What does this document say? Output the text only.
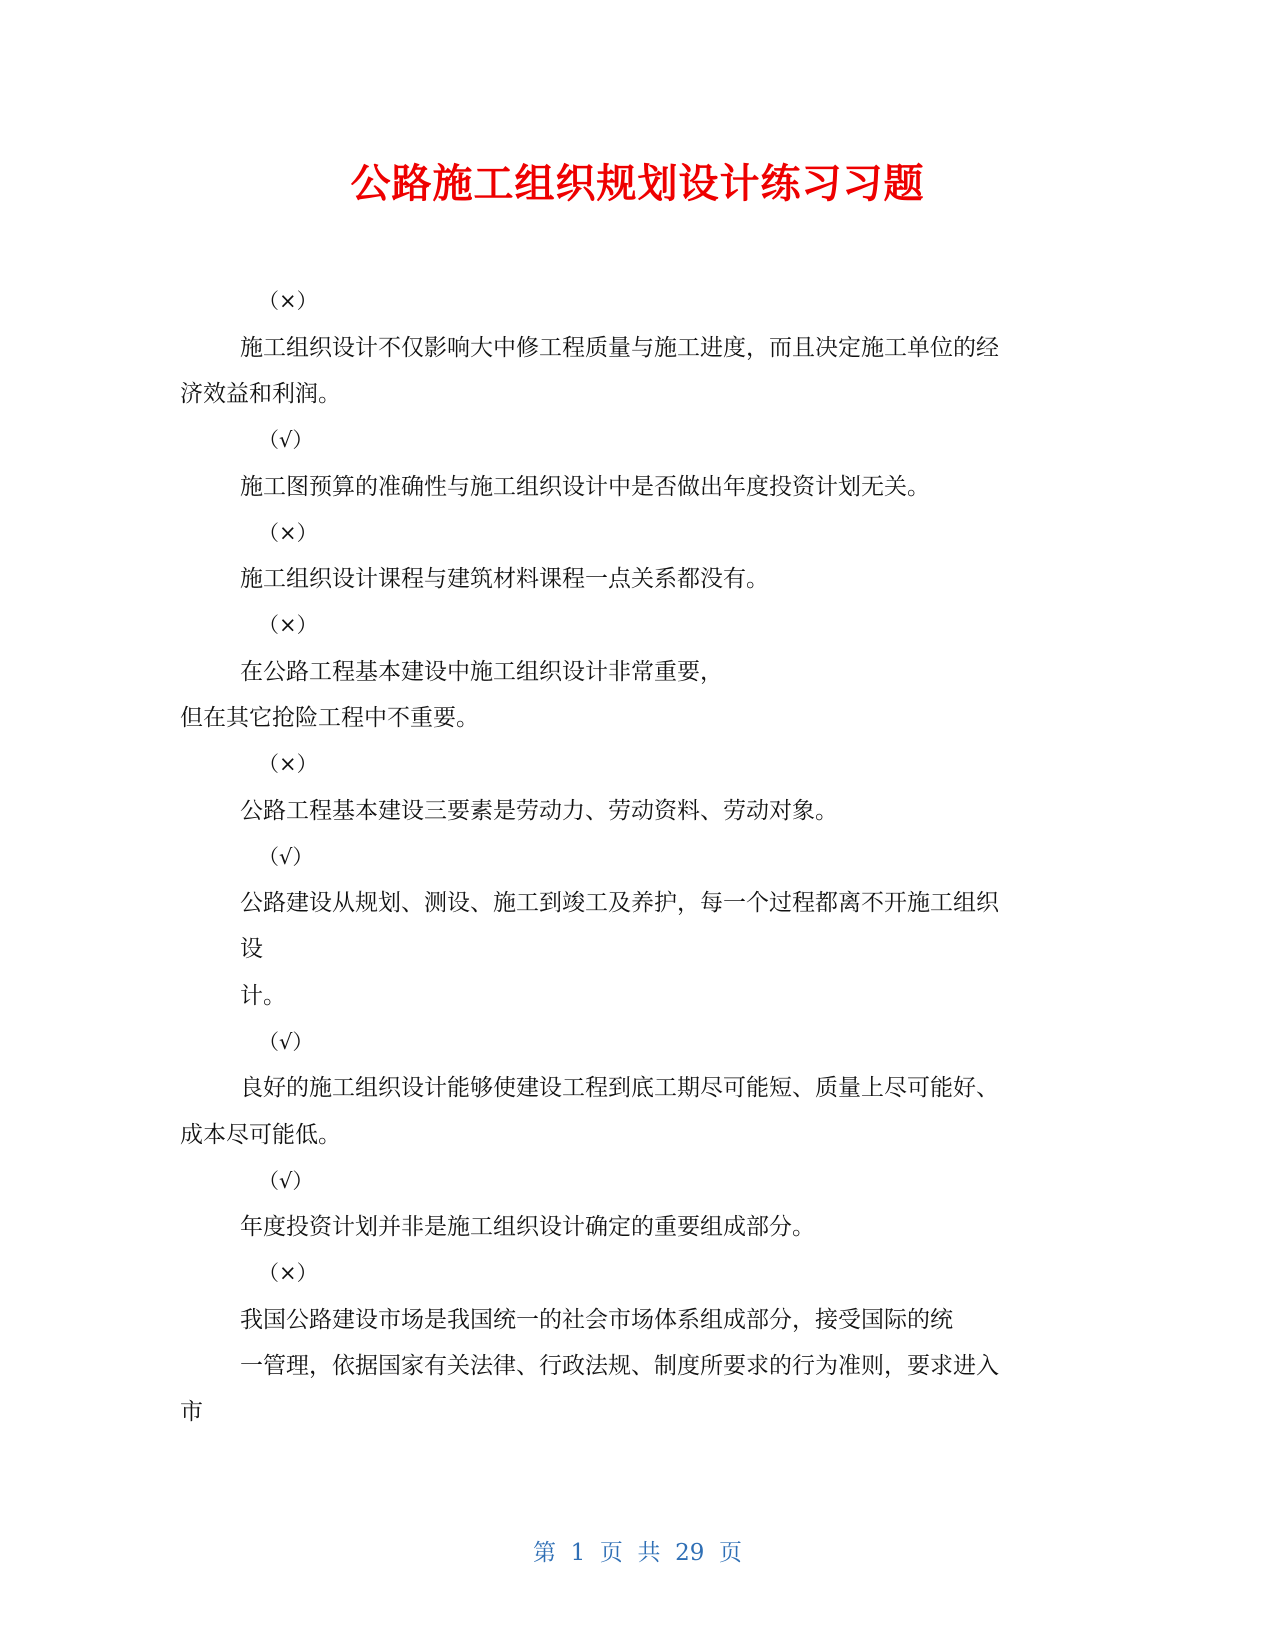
公路施工组织规划设计练习习题
（×）
施工组织设计不仅影响大中修工程质量与施工进度，而且决定施工单位的经
济效益和利润。
（√）
施工图预算的准确性与施工组织设计中是否做出年度投资计划无关。
（×）
施工组织设计课程与建筑材料课程一点关系都没有。
（×）
在公路工程基本建设中施工组织设计非常重要，
但在其它抢险工程中不重要。
（×）
公路工程基本建设三要素是劳动力、劳动资料、劳动对象。
（√）
公路建设从规划、测设、施工到竣工及养护，每一个过程都离不开施工组织
设
计。
（√）
良好的施工组织设计能够使建设工程到底工期尽可能短、质量上尽可能好、
成本尽可能低。
（√）
年度投资计划并非是施工组织设计确定的重要组成部分。
（×）
我国公路建设市场是我国统一的社会市场体系组成部分，接受国际的统
一管理，依据国家有关法律、行政法规、制度所要求的行为准则，要求进入
市
第  1  页  共  29  页
